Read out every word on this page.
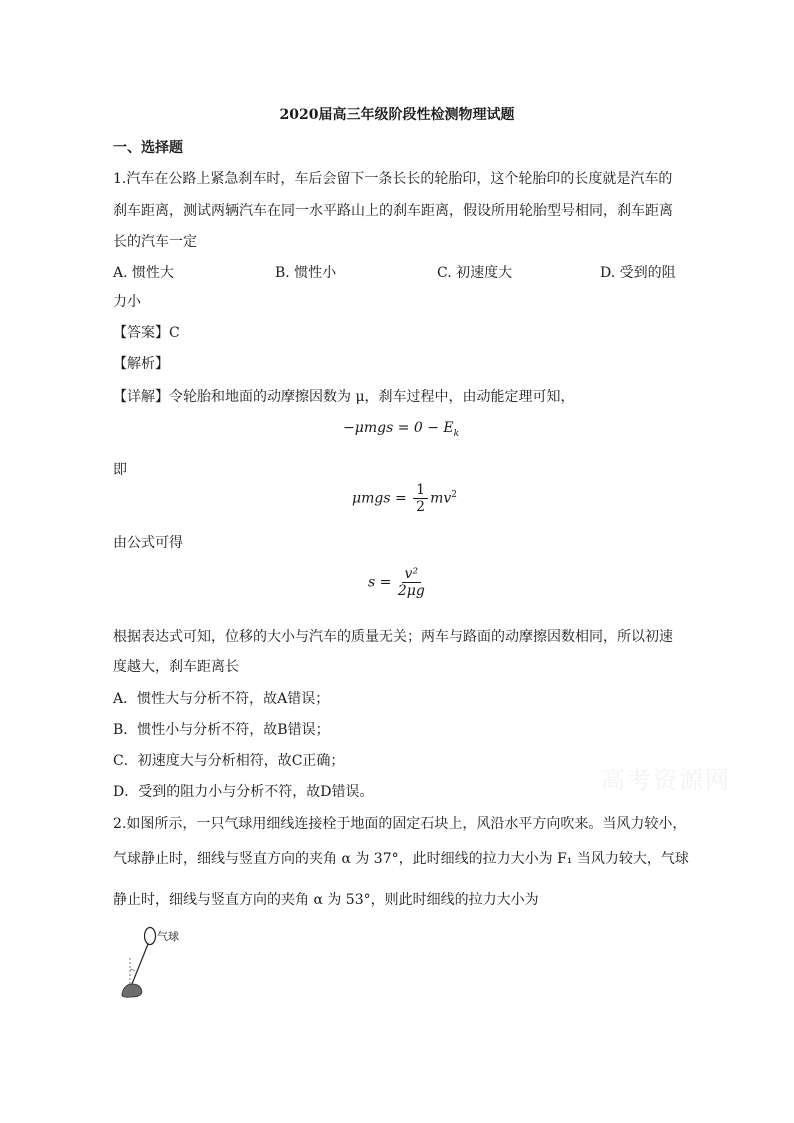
2020届高三年级阶段性检测物理试题
一、选择题
1.汽车在公路上紧急刹车时，车后会留下一条长长的轮胎印，这个轮胎印的长度就是汽车的
刹车距离，测试两辆汽车在同一水平路山上的刹车距离，假设所用轮胎型号相同，刹车距离
长的汽车一定
A. 惯性大	B. 惯性小	C. 初速度大	D. 受到的阻
力小
【答案】C
【解析】
【详解】令轮胎和地面的动摩擦因数为 μ，刹车过程中，由动能定理可知，
$-\mu mgs = 0 - E_k$
即
$\mu mgs = \frac{1}{2} mv^2$
由公式可得
$s = \frac{\text{v²}}{2\mu g}$
根据表达式可知，位移的大小与汽车的质量无关；两车与路面的动摩擦因数相同，所以初速
度越大，刹车距离长
A．惯性大与分析不符，故A错误；
B．惯性小与分析不符，故B错误；
C．初速度大与分析相符，故C正确；
D．受到的阻力小与分析不符，故D错误。	高考资源网
2.如图所示，一只气球用细线连接栓于地面的固定石块上，风沿水平方向吹来。当风力较小，
气球静止时，细线与竖直方向的夹角 α 为 37°，此时细线的拉力大小为 F₁ 当风力较大，气球
静止时，细线与竖直方向的夹角 α 为 53°，则此时细线的拉力大小为
气球
